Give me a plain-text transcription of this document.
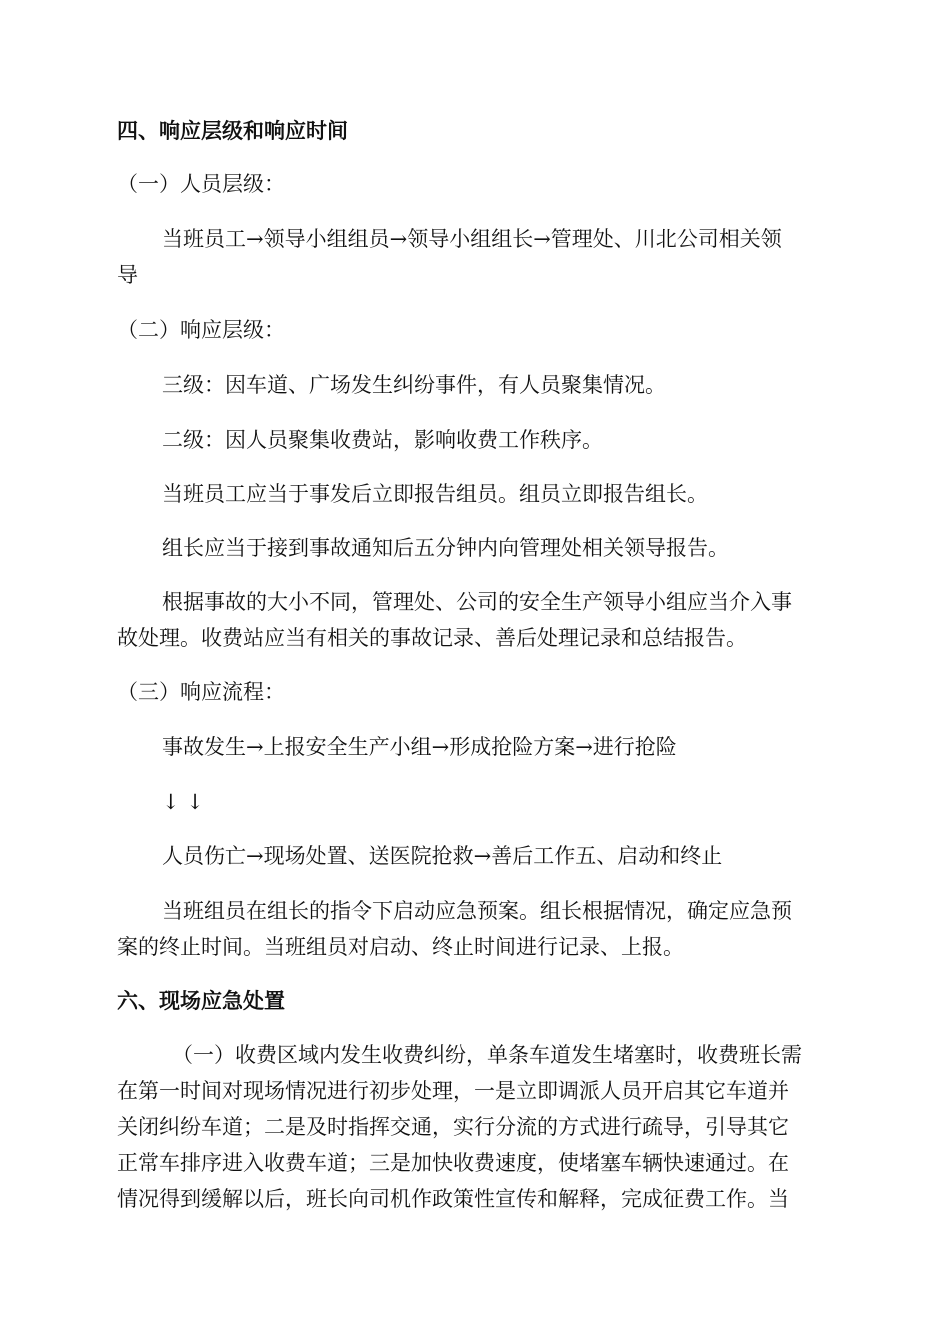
四、响应层级和响应时间
（一）人员层级：
当班员工→领导小组组员→领导小组组长→管理处、川北公司相关领
导
（二）响应层级：
三级：因车道、广场发生纠纷事件，有人员聚集情况。
二级：因人员聚集收费站，影响收费工作秩序。
当班员工应当于事发后立即报告组员。组员立即报告组长。
组长应当于接到事故通知后五分钟内向管理处相关领导报告。
根据事故的大小不同，管理处、公司的安全生产领导小组应当介入事
故处理。收费站应当有相关的事故记录、善后处理记录和总结报告。
（三）响应流程：
事故发生→上报安全生产小组→形成抢险方案→进行抢险
↓ ↓
人员伤亡→现场处置、送医院抢救→善后工作五、启动和终止
当班组员在组长的指令下启动应急预案。组长根据情况，确定应急预
案的终止时间。当班组员对启动、终止时间进行记录、上报。
六、现场应急处置
（一）收费区域内发生收费纠纷，单条车道发生堵塞时，收费班长需
在第一时间对现场情况进行初步处理，一是立即调派人员开启其它车道并
关闭纠纷车道；二是及时指挥交通，实行分流的方式进行疏导，引导其它
正常车排序进入收费车道；三是加快收费速度，使堵塞车辆快速通过。在
情况得到缓解以后，班长向司机作政策性宣传和解释，完成征费工作。当
